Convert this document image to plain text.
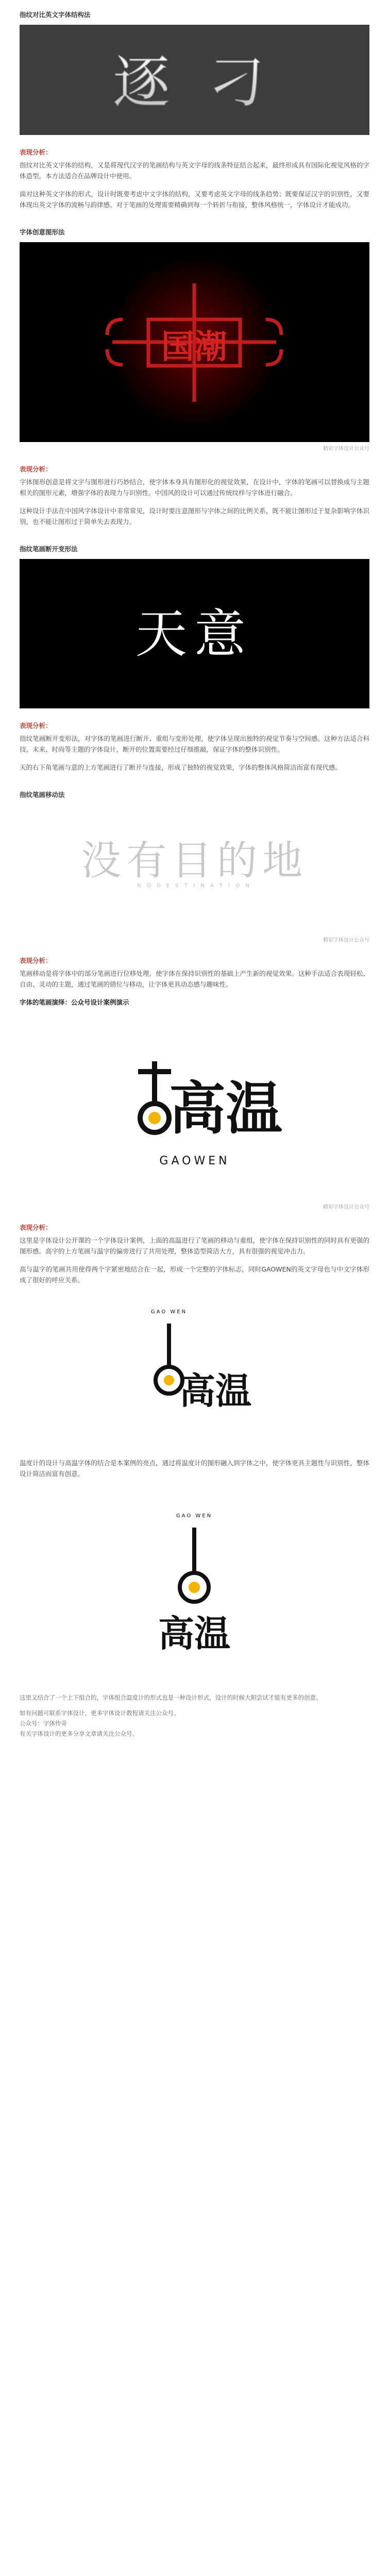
指纹对比英文字体结构法
逐 刁
表现分析：
指纹对比英文字体的结构，又是将现代汉字的笔画结构与英文字母的线条特征结合起来，最终形成具有国际化视觉风格的字体造型。本方法适合在品牌设计中使用。
面对这种英文字体的形式，设计时既要考虑中文字体的结构，又要考虑英文字母的线条趋势；既要保证汉字的识别性，又要体现出英文字体的流畅与韵律感。对于笔画的处理需要精确到每一个转折与衔接，整体风格统一，字体设计才能成功。
字体创意图形法
国潮
精彩字体设计公众号
表现分析：
字体图形创意是将文字与图形进行巧妙结合，使字体本身具有图形化的视觉效果，在设计中，字体的笔画可以替换成与主题相关的图形元素，增强字体的表现力与识别性。中国风的设计可以通过传统纹样与字体进行融合。
这种设计手法在中国风字体设计中非常常见，设计时要注意图形与字体之间的比例关系，既不能让图形过于复杂影响字体识别，也不能让图形过于简单失去表现力。
指纹笔画断开变形法
天意
表现分析：
指纹笔画断开变形法，对字体的笔画进行断开、重组与变形处理，使字体呈现出独特的视觉节奏与空间感。这种方法适合科技、未来、时尚等主题的字体设计，断开的位置需要经过仔细推敲，保证字体的整体识别性。
天的右下角笔画与意的上方笔画进行了断开与连接，形成了独特的视觉效果，字体的整体风格简洁而富有现代感。
指纹笔画移动法
没有目的地
N O D E S T I N A T I O N
精彩字体设计公众号
表现分析：
笔画移动是将字体中的部分笔画进行位移处理，使字体在保持识别性的基础上产生新的视觉效果。这种手法适合表现轻松、自由、灵动的主题，通过笔画的错位与移动，让字体更具动态感与趣味性。
字体的笔画演绎：公众号设计案例演示
高温
GAOWEN
精彩字体设计公众号
表现分析：
这里是字体设计公开课的一个字体设计案例，上面的高温进行了笔画的移动与重组，使字体在保持识别性的同时具有更强的图形感。高字的上方笔画与温字的偏旁进行了共用处理，整体造型简洁大方，具有很强的视觉冲击力。
高与温字的笔画共用使得两个字紧密地结合在一起，形成一个完整的字体标志，同时GAOWEN的英文字母也与中文字体形成了很好的呼应关系。
GAO WEN
高温
温度计的设计与高温字体的结合是本案例的亮点，通过将温度计的图形融入到字体之中，使字体更具主题性与识别性，整体设计简洁而富有创意。
GAO WEN
高温
这里又结合了一个上下组合的，字体组合温度计的形式也是一种设计形式，设计的时候大胆尝试才能有更多的创意。
如有问题可联系字体设计，更多字体设计教程请关注公众号。
公众号：字体传奇
有关字体设计的更多分享文章请关注公众号。
